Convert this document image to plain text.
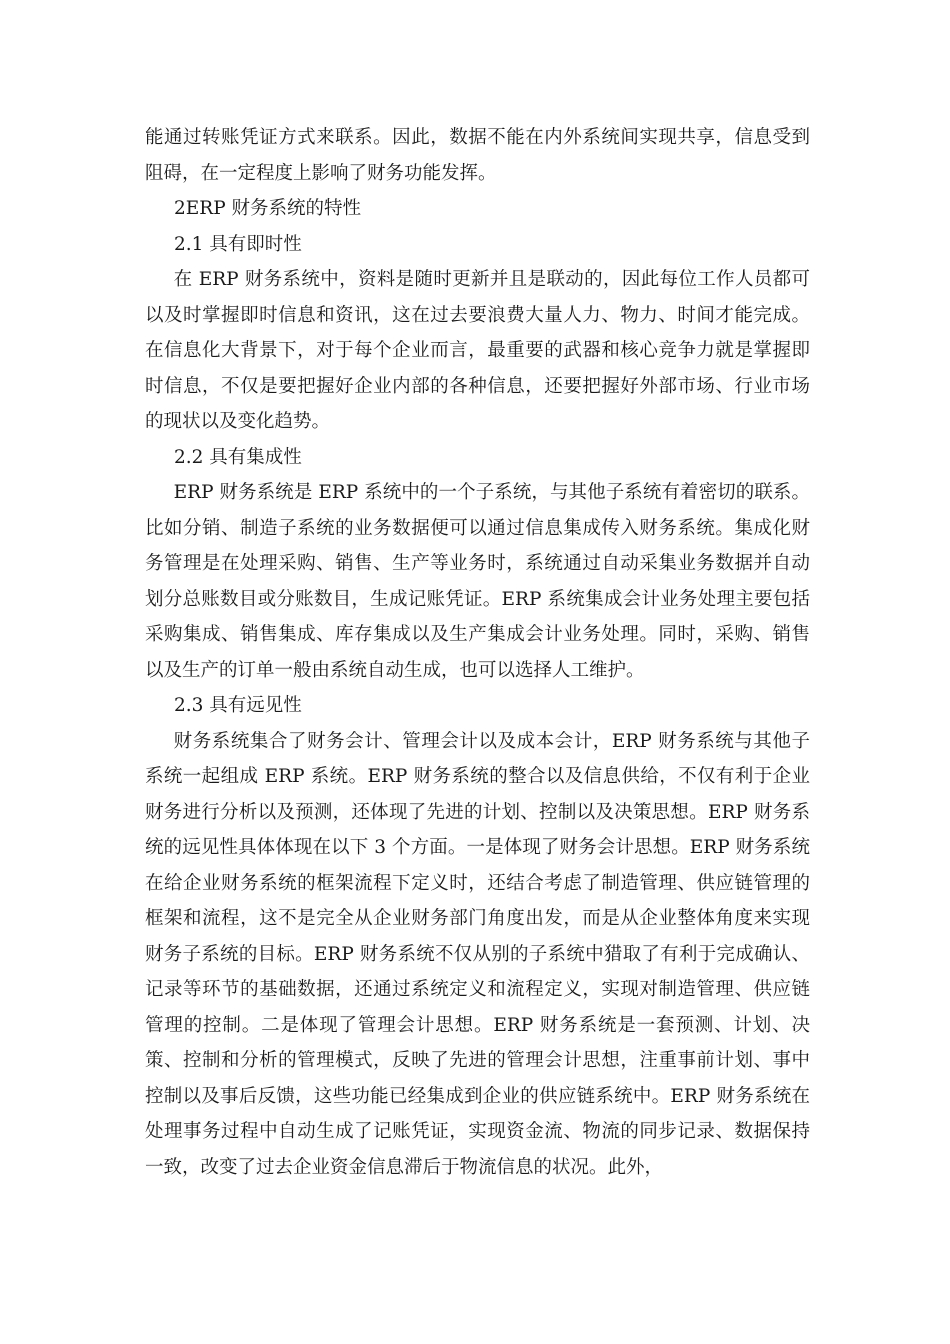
能通过转账凭证方式来联系。因此，数据不能在内外系统间实现共享，信息受到阻碍，在一定程度上影响了财务功能发挥。

2ERP 财务系统的特性

2.1 具有即时性

在 ERP 财务系统中，资料是随时更新并且是联动的，因此每位工作人员都可以及时掌握即时信息和资讯，这在过去要浪费大量人力、物力、时间才能完成。在信息化大背景下，对于每个企业而言，最重要的武器和核心竞争力就是掌握即时信息，不仅是要把握好企业内部的各种信息，还要把握好外部市场、行业市场的现状以及变化趋势。

2.2 具有集成性

ERP 财务系统是 ERP 系统中的一个子系统，与其他子系统有着密切的联系。比如分销、制造子系统的业务数据便可以通过信息集成传入财务系统。集成化财务管理是在处理采购、销售、生产等业务时，系统通过自动采集业务数据并自动划分总账数目或分账数目，生成记账凭证。ERP 系统集成会计业务处理主要包括采购集成、销售集成、库存集成以及生产集成会计业务处理。同时，采购、销售以及生产的订单一般由系统自动生成，也可以选择人工维护。

2.3 具有远见性

财务系统集合了财务会计、管理会计以及成本会计，ERP 财务系统与其他子系统一起组成 ERP 系统。ERP 财务系统的整合以及信息供给，不仅有利于企业财务进行分析以及预测，还体现了先进的计划、控制以及决策思想。ERP 财务系统的远见性具体体现在以下 3 个方面。一是体现了财务会计思想。ERP 财务系统在给企业财务系统的框架流程下定义时，还结合考虑了制造管理、供应链管理的框架和流程，这不是完全从企业财务部门角度出发，而是从企业整体角度来实现财务子系统的目标。ERP 财务系统不仅从别的子系统中猎取了有利于完成确认、记录等环节的基础数据，还通过系统定义和流程定义，实现对制造管理、供应链管理的控制。二是体现了管理会计思想。ERP 财务系统是一套预测、计划、决策、控制和分析的管理模式，反映了先进的管理会计思想，注重事前计划、事中控制以及事后反馈，这些功能已经集成到企业的供应链系统中。ERP 财务系统在处理事务过程中自动生成了记账凭证，实现资金流、物流的同步记录、数据保持一致，改变了过去企业资金信息滞后于物流信息的状况。此外，
